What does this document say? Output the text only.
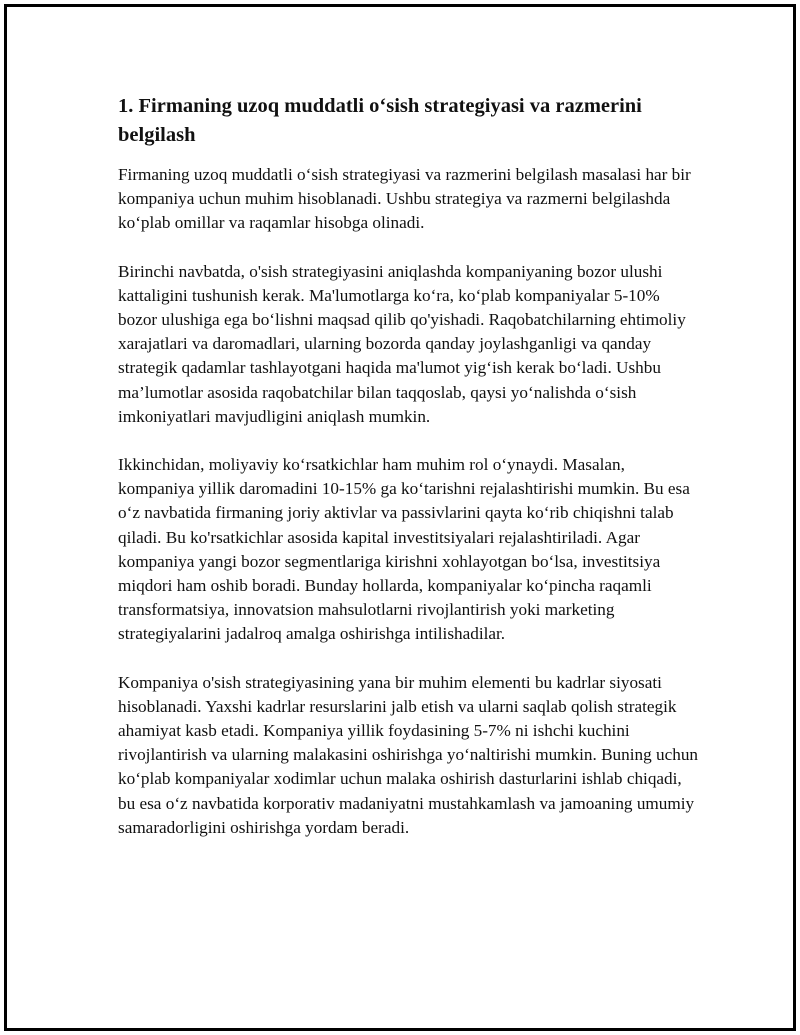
1. Firmaning uzoq muddatli o‘sish strategiyasi va razmerini belgilash

Firmaning uzoq muddatli o‘sish strategiyasi va razmerini belgilash masalasi har bir kompaniya uchun muhim hisoblanadi. Ushbu strategiya va razmerni belgilashda ko‘plab omillar va raqamlar hisobga olinadi.

Birinchi navbatda, o'sish strategiyasini aniqlashda kompaniyaning bozor ulushi kattaligini tushunish kerak. Ma'lumotlarga ko‘ra, ko‘plab kompaniyalar 5-10% bozor ulushiga ega bo‘lishni maqsad qilib qo'yishadi. Raqobatchilarning ehtimoliy xarajatlari va daromadlari, ularning bozorda qanday joylashganligi va qanday strategik qadamlar tashlayotgani haqida ma'lumot yig‘ish kerak bo‘ladi. Ushbu ma’lumotlar asosida raqobatchilar bilan taqqoslab, qaysi yo‘nalishda o‘sish imkoniyatlari mavjudligini aniqlash mumkin.

Ikkinchidan, moliyaviy ko‘rsatkichlar ham muhim rol o‘ynaydi. Masalan, kompaniya yillik daromadini 10-15% ga ko‘tarishni rejalashtirishi mumkin. Bu esa o‘z navbatida firmaning joriy aktivlar va passivlarini qayta ko‘rib chiqishni talab qiladi. Bu ko'rsatkichlar asosida kapital investitsiyalari rejalashtiriladi. Agar kompaniya yangi bozor segmentlariga kirishni xohlayotgan bo‘lsa, investitsiya miqdori ham oshib boradi. Bunday hollarda, kompaniyalar ko‘pincha raqamli transformatsiya, innovatsion mahsulotlarni rivojlantirish yoki marketing strategiyalarini jadalroq amalga oshirishga intilishadilar.

Kompaniya o'sish strategiyasining yana bir muhim elementi bu kadrlar siyosati hisoblanadi. Yaxshi kadrlar resurslarini jalb etish va ularni saqlab qolish strategik ahamiyat kasb etadi. Kompaniya yillik foydasining 5-7% ni ishchi kuchini rivojlantirish va ularning malakasini oshirishga yo‘naltirishi mumkin. Buning uchun ko‘plab kompaniyalar xodimlar uchun malaka oshirish dasturlarini ishlab chiqadi, bu esa o‘z navbatida korporativ madaniyatni mustahkamlash va jamoaning umumiy samaradorligini oshirishga yordam beradi.
